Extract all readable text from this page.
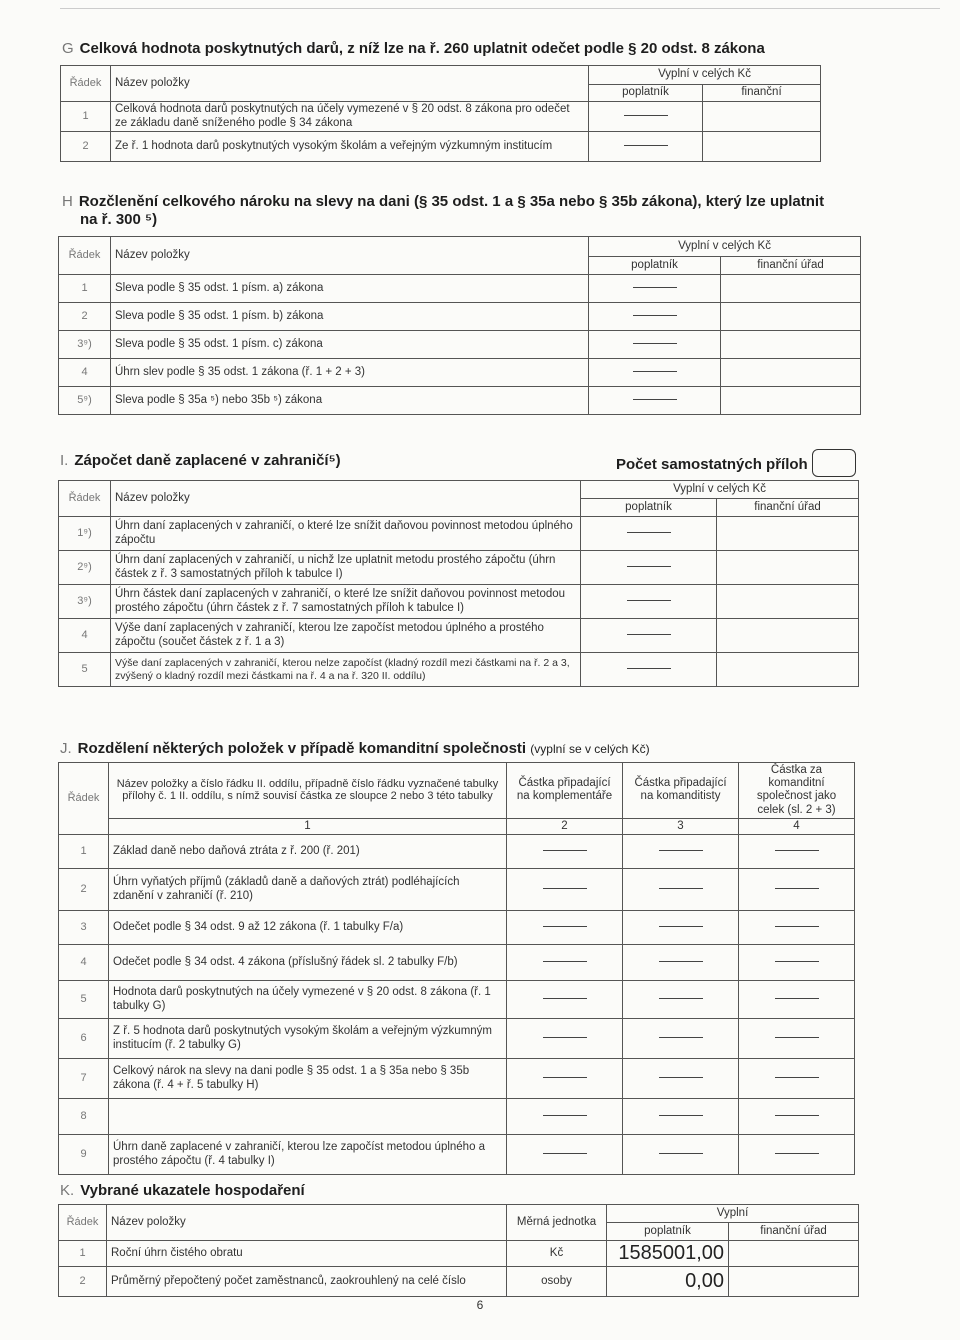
G Celková hodnota poskytnutých darů, z níž lze na ř. 260 uplatnit odečet podle § 20 odst. 8 zákona
Řádek	Název položky	Vyplní v celých Kč	
		poplatník	finanční
1	Celková hodnota darů poskytnutých na účely vymezené v § 20 odst. 8 zákona pro odečet ze základu daně sníženého podle § 34 zákona		
2	Ze ř. 1 hodnota darů poskytnutých vysokým školám a veřejným výzkumným institucím		
H Rozčlenění celkového nároku na slevy na dani (§ 35 odst. 1 a § 35a nebo § 35b zákona), který lze uplatnit
na ř. 300 ⁵)
Řádek	Název položky	Vyplní v celých Kč	
		poplatník	finanční úřad
1	Sleva podle § 35 odst. 1 písm. a) zákona		
2	Sleva podle § 35 odst. 1 písm. b) zákona		
3⁹)	Sleva podle § 35 odst. 1 písm. c) zákona		
4	Úhrn slev podle § 35 odst. 1 zákona (ř. 1 + 2 + 3)		
5⁹)	Sleva podle § 35a ⁵) nebo 35b ⁵) zákona		
I. Zápočet daně zaplacené v zahraničí⁵)	Počet samostatných příloh
Řádek	Název položky	Vyplní v celých Kč	
		poplatník	finanční úřad
1⁹)	Úhrn daní zaplacených v zahraničí, o které lze snížit daňovou povinnost metodou úplného zápočtu		
2⁹)	Úhrn daní zaplacených v zahraničí, u nichž lze uplatnit metodu prostého zápočtu (úhrn částek z ř. 3 samostatných příloh k tabulce I)		
3⁹)	Úhrn částek daní zaplacených v zahraničí, o které lze snížit daňovou povinnost metodou prostého zápočtu (úhrn částek z ř. 7 samostatných příloh k tabulce I)		
4	Výše daní zaplacených v zahraničí, kterou lze započíst metodou úplného a prostého zápočtu (součet částek z ř. 1 a 3)		
5	Výše daní zaplacených v zahraničí, kterou nelze započíst (kladný rozdíl mezi částkami na ř. 2 a 3, zvýšený o kladný rozdíl mezi částkami na ř. 4 a na ř. 320 II. oddílu)		
J. Rozdělení některých položek v případě komanditní společnosti (vyplní se v celých Kč)
Řádek	Název položky a číslo řádku II. oddílu, případně číslo řádku vyznačené tabulky přílohy č. 1 II. oddílu, s nímž souvisí částka ze sloupce 2 nebo 3 této tabulky	Částka připadající na komplementáře	Částka připadající na komanditisty	Částka za komanditní společnost jako celek (sl. 2 + 3)
	1	2	3	4
1	Základ daně nebo daňová ztráta z ř. 200 (ř. 201)			
2	Úhrn vyňatých příjmů (základů daně a daňových ztrát) podléhajících zdanění v zahraničí (ř. 210)			
3	Odečet podle § 34 odst. 9 až 12 zákona (ř. 1 tabulky F/a)			
4	Odečet podle § 34 odst. 4 zákona (příslušný řádek sl. 2 tabulky F/b)			
5	Hodnota darů poskytnutých na účely vymezené v § 20 odst. 8 zákona (ř. 1 tabulky G)			
6	Z ř. 5 hodnota darů poskytnutých vysokým školám a veřejným výzkumným institucím (ř. 2 tabulky G)			
7	Celkový nárok na slevy na dani podle § 35 odst. 1 a § 35a nebo § 35b zákona (ř. 4 + ř. 5 tabulky H)			
8				
9	Úhrn daně zaplacené v zahraničí, kterou lze započíst metodou úplného a prostého zápočtu (ř. 4 tabulky I)			
K. Vybrané ukazatele hospodaření
Řádek	Název položky	Měrná jednotka	Vyplní	
			poplatník	finanční úřad
1	Roční úhrn čistého obratu	Kč	1585001,00	
2	Průměrný přepočtený počet zaměstnanců, zaokrouhlený na celé číslo	osoby	0,00	
6
